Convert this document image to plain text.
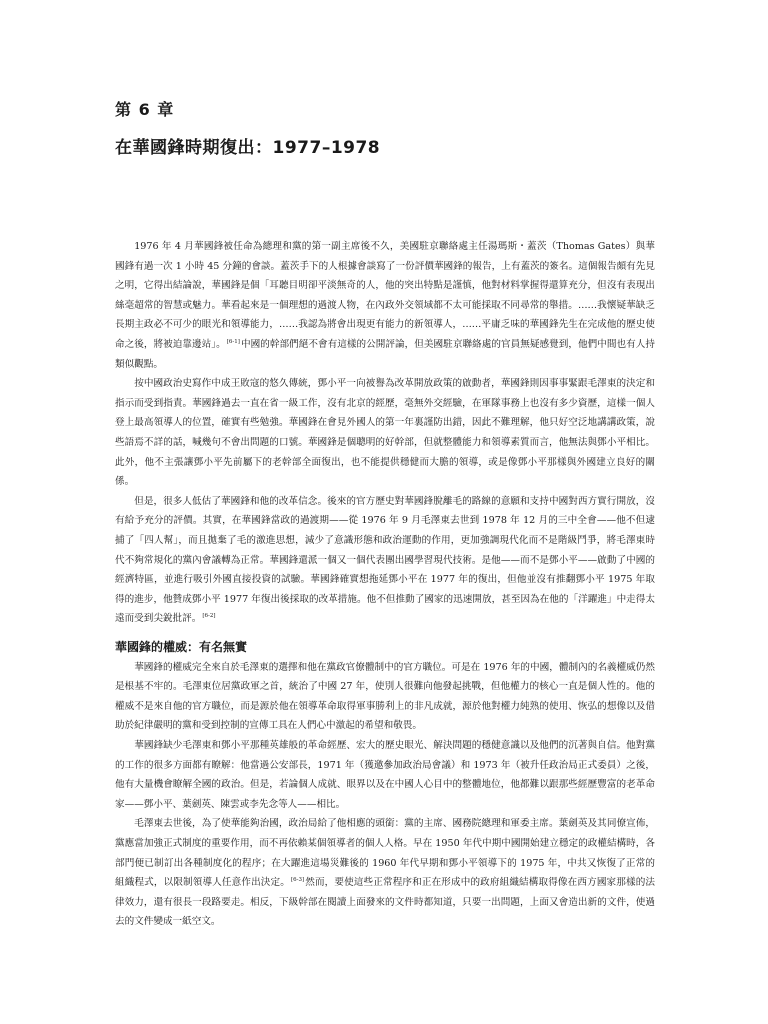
第 6 章
在華國鋒時期復出：1977–1978

1976 年 4 月華國鋒被任命為總理和黨的第一副主席後不久，美國駐京聯絡處主任湯瑪斯・蓋茨（Thomas Gates）與華國鋒有過一次 1 小時 45 分鐘的會談。蓋茨手下的人根據會談寫了一份評價華國鋒的報告，上有蓋茨的簽名。這個報告頗有先見之明，它得出結論說，華國鋒是個「耳聽目明卻平淡無奇的人，他的突出特點是謹慎，他對材料掌握得還算充分，但沒有表現出絲毫超常的智慧或魅力。華看起來是一個理想的過渡人物，在內政外交領域都不太可能採取不同尋常的舉措。……我懷疑華缺乏長期主政必不可少的眼光和領導能力，……我認為將會出現更有能力的新領導人，……平庸乏味的華國鋒先生在完成他的歷史使命之後，將被迫靠邊站」。[6-1]中國的幹部們絕不會有這樣的公開評論，但美國駐京聯絡處的官員無疑感覺到，他們中間也有人持類似觀點。

按中國政治史寫作中成王敗寇的悠久傳統，鄧小平一向被譽為改革開放政策的啟動者，華國鋒則因事事緊跟毛澤東的決定和指示而受到指責。華國鋒過去一直在省一級工作，沒有北京的經歷，毫無外交經驗，在軍隊事務上也沒有多少資歷，這樣一個人登上最高領導人的位置，確實有些勉強。華國鋒在會見外國人的第一年裏謹防出錯，因此不難理解，他只好空泛地講講政策，說些語焉不詳的話，喊幾句不會出問題的口號。華國鋒是個聰明的好幹部，但就整體能力和領導素質而言，他無法與鄧小平相比。此外，他不主張讓鄧小平先前屬下的老幹部全面復出，也不能提供穩健而大膽的領導，或是像鄧小平那樣與外國建立良好的關係。

但是，很多人低估了華國鋒和他的改革信念。後來的官方歷史對華國鋒脫離毛的路線的意願和支持中國對西方實行開放，沒有給予充分的評價。其實，在華國鋒當政的過渡期——從 1976 年 9 月毛澤東去世到 1978 年 12 月的三中全會——他不但逮捕了「四人幫」，而且拋棄了毛的激進思想，減少了意識形態和政治運動的作用，更加強調現代化而不是階級鬥爭，將毛澤東時代不夠常規化的黨內會議轉為正常。華國鋒還派一個又一個代表團出國學習現代技術。是他——而不是鄧小平——啟動了中國的經濟特區，並進行吸引外國直接投資的試驗。華國鋒確實想拖延鄧小平在 1977 年的復出，但他並沒有推翻鄧小平 1975 年取得的進步，他贊成鄧小平 1977 年復出後採取的改革措施。他不但推動了國家的迅速開放，甚至因為在他的「洋躍進」中走得太遠而受到尖銳批評。[6-2]

華國鋒的權威：有名無實

華國鋒的權威完全來自於毛澤東的選擇和他在黨政官僚體制中的官方職位。可是在 1976 年的中國，體制內的名義權威仍然是根基不牢的。毛澤東位居黨政軍之首，統治了中國 27 年，使別人很難向他發起挑戰，但他權力的核心一直是個人性的。他的權威不是來自他的官方職位，而是源於他在領導革命取得軍事勝利上的非凡成就，源於他對權力純熟的使用、恢弘的想像以及借助於紀律嚴明的黨和受到控制的宣傳工具在人們心中激起的希望和敬畏。

華國鋒缺少毛澤東和鄧小平那種英雄般的革命經歷、宏大的歷史眼光、解決問題的穩健意識以及他們的沉著與自信。他對黨的工作的很多方面都有瞭解：他當過公安部長，1971 年（獲邀參加政治局會議）和 1973 年（被升任政治局正式委員）之後，他有大量機會瞭解全國的政治。但是，若論個人成就、眼界以及在中國人心目中的整體地位，他都難以跟那些經歷豐富的老革命家——鄧小平、葉劍英、陳雲或李先念等人——相比。

毛澤東去世後，為了使華能夠治國，政治局給了他相應的頭銜：黨的主席、國務院總理和軍委主席。葉劍英及其同僚宣佈，黨應當加強正式制度的重要作用，而不再依賴某個領導者的個人人格。早在 1950 年代中期中國開始建立穩定的政權結構時，各部門便已制訂出各種制度化的程序；在大躍進這場災難後的 1960 年代早期和鄧小平領導下的 1975 年，中共又恢復了正常的組織程式，以限制領導人任意作出決定。[6-3]然而，要使這些正常程序和正在形成中的政府組織結構取得像在西方國家那樣的法律效力，還有很長一段路要走。相反，下級幹部在閱讀上面發來的文件時都知道，只要一出問題，上面又會造出新的文件，使過去的文件變成一紙空文。
